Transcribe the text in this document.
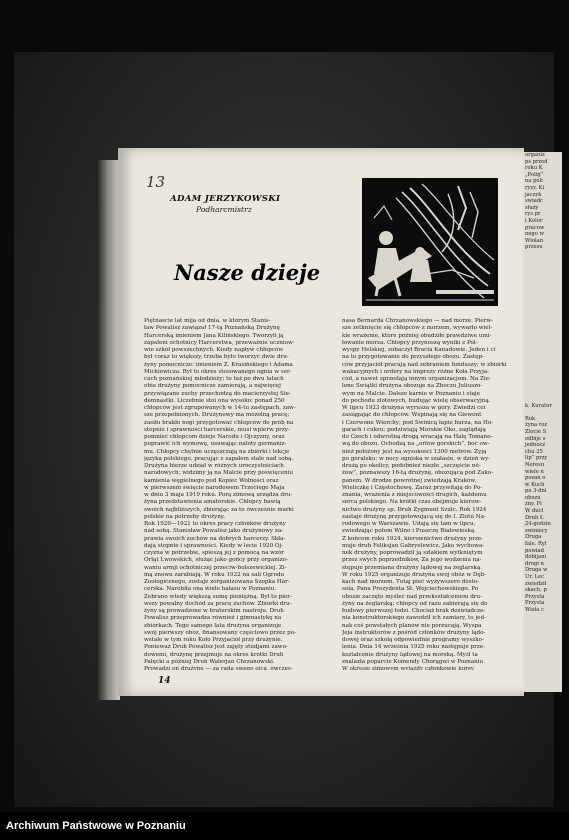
organiz

ps przed

roku K

„Polig“

na poli

ryzy. Ki

jaczyk

swiadc

służy

rys pr

i Kolor

pracow

nego w

Wiolan

przesu

k. Kurator

Rok

żyna roz

Zlocie S

odbije s

jednocz

chu 25

lip” przy

Neresu

wiele n

pozan o

w Kuch

po 3-dni

obozu

zny. Pi

W ducł

Druh Ł

24-godzin

zwiniecy

Druga

fale. Ryl

powiad

dobijani

drogi n

Druga w

Ur. Lec

zwiedził

skach, p

Przysta

Przysta

Wisła c

13
ADAM JERZYKOWSKI
Podharcmistrz
Nasze dzieje

Piętnaście lat mija od dnia, w którym Stanis-

ław Powalisz zawiązał 17-tą Poznańską Drużynę

Harcerską imieniem Jana Kilińskiego. Tworzyli ją

zapaleni ochotnicy Harcerstwa, przeważnie uczniow-

wie szkół powszechnych. Kiedy napływ chłopców

był coraz to większy, trzeba było tworzyć dwie dru-

żyny pomocnicze: imieniem Z. Krasińskiego i Adama

Mickiewicza. Był to okres stosowanego ognia w ser-

cach poznańskiej młodzieży; to też po dwu latach

obie drużyny pomocnicze zamierają, a najwięcej

przywiązane zuchy przechodzą do macierzystej Sie-

demnastki. Liczebnie stoi ona wysoko: ponad 250

chłopców jest zgrupowanych w 14-tu zastępach, zaw-

sze przepełnionych. Drużynowy ma mozolną pracę;

zasiłu brakło nogi przygotować chłopców do prób na

stopnie i sprawności harcerskie, musi wpierw przy-

pomnieć chłopcom dzieje Narodu i Ojczyzny, oraz

poprawić ich wymowę, usuwając naloty germaniz-

mu. Chłopcy chętnie uczęszczają na zbiórki i lekcje

języka polskiego, pracując z zapałem stale nad sobą.

Drużyna bierze udział w różnych uroczystościach

narodowych; widzimy ją na Malcie przy poświęceniu

kamienia węgielnego pod Kopiec Wolności oraz

w pierwszem święcie narodowem Trzeciego Maja

w dniu 3 maja 1919 roku. Porą zimową urządza dru-

żyna przedstawienia amatorskie. Chłopcy bawią

swoich najbliższych, zbierając za to ówcześnie marki

polskie na potrzeby drużyny.

Rok 1920—1921 to okres pracy członków drużyny

nad sobą. Stanisław Powalisz jako drużynowy za-

prawia swoich zuchów na dobrych harcerzy. Skła-

dają stopnie i sprawności. Kiedy w lecie 1920 Oj-

czyzna w potrzebie, spieszą jej z pomocą na wzór

Orląt Lwowskich, służąc jako gońcy przy organizo-

waniu armji ochotniczej przeciw-bolszewickiej. Zi-

mą znowu zarabiają. W roku 1922 na sali Ogrodu

Zoologicznego, zostaje zorganizowana Szopka Har-

cerska. Narobiła ona wiele hałasu w Poznaniu.

Zebrano wtedy większą sumę pieniężną. Był to pier-

wszy powalny dochód za pracę zuchów. Zbiórki dru-

żyny są prowadzone w braterskim nastroju. Druh

Powalisz przeprowadza również i gimnastykę na

zbiórkach. Tego samego lata drużyna organizuje

swój pierwszy obóz, finansowany częściowo przez po-

wstałe w tym roku Koło Przyjaciół przy drużynie.

Ponieważ Druh Powalisz jest zajęty studjami zawo-

dowemi, drużynę przejmuje na okres krótki Druh

Pałęcki a później Druh Walerjan Chrzanowski.

Prowadzi on drużynę — za radą swego ojca, ówczes-

nasa Bernarda Chrzanowskiego — nad morze. Pierw-

sze zetknięcie się chłopców z morzem, wywarło wiel-

kie wrażenie, które później obudziło prawdziwe umi-

łowanie morza. Chłopcy przynoszą wyniki z Pol-

wyspy Helskiej, zobaczył Bracia Kanadowie. Jeden i ci

na to przygotowanie do przyszłego obozu. Zastęp-

ców przyjaciół pracują nad zebraniem funduszy; w zbiórki

wakacyjnych i ordery na imprezy różne Koła Przyja-

ciół, a nawet sprzedają innym organizacjom. Na Zie-

lone Świątki drużyna obozuje na Zboczu Juliuszo-

wym na Malcie. Dalsze karnie w Poznaniu i staje

do pochodu zlotowych, budując wielę obserwacyjną.

W lipcu 1923 drużyna wyrusza w góry. Zwiedzi cei

zasiągając do chłopców. Wspinają się na Giewont

i Czerwone Wierchy; pod Świnicą łapie burza, na Ho-

garach i cukru; podziwiają Morskie Oko, zaglądają

do Czech i odwrotną drogą wracają na Halę Tomano-

wą do obozu. Ochodzą na „orłów górskich”, boć ow-

nież połoźony jest na wysokości 1300 metrów. Żyją

po góralsku: w nocy ogniska w szałasie, w dzień wy-

drużą po okolicy, podobnież niezłe „szczęście nó-

żów”, poznawszy 16-tą drużynę, obozującą pod Zako-

panem. W drodze powrotnej zwiedzają Kraków,

Wieliczkę i Częstochowę. Zaraz przywitają do Po-

znania, wrażenia z miejscowości drugich, każdemu

serca polskiego. Na krótki czas obejmuje kierow-

nictwo drużyny sp. Druh Zygmunt Szulc. Rok 1924

zastaje drużynę przygotowującą się do I. Zlotu Na-

rodowego w Warszawie. Udają się tam w lipcu,

zwiedzając potem Wilno i Puszczę Białowieską.

Z końcem roku 1924, kierownictwo drużyny prze-

muje druh Feliksjan Gabryelewicz. Jako wychowa-

nek drużyny, poprowadził ją szlakiem wytkniętym

przez swych poprzedników. Za jego wodzenia na-

stępuje przemiana drużyny lądowej na żeglarską.

W roku 1925 organizuje drużyna swój obóz w Dęb-

kach nad morzem. Tutaj pieć wyżywszero dosto-

sola, Pana Prezydenta St. Wojciechowskiego. Po

obozie zaczęto myśleć nad przekształceniem dru-

żyny na żeglarską; chłopcy od razu zabierają się do

budowy pierwszej łodzi. Chociaż brak doświadcze-

nia konstruktorskiego zawodził ich zamiary, to jed-

nak coś powstałych planów nie porzucają. Wyspa

Jeja instruktorów z pośród członków drużyny lądo-

dowej oraz szkolą odpowiednie programy wyszko-

lenia. Dnia 14 września 1925 roku następuje prze-

kształcenie drużyny lądowej na morską. Myśl ta

znalazła poparcie Komendy Chorągwi w Poznaniu

W okresie zimowym wyjazdy członkowie kursy,

14
Archiwum Państwowe w Poznaniu
